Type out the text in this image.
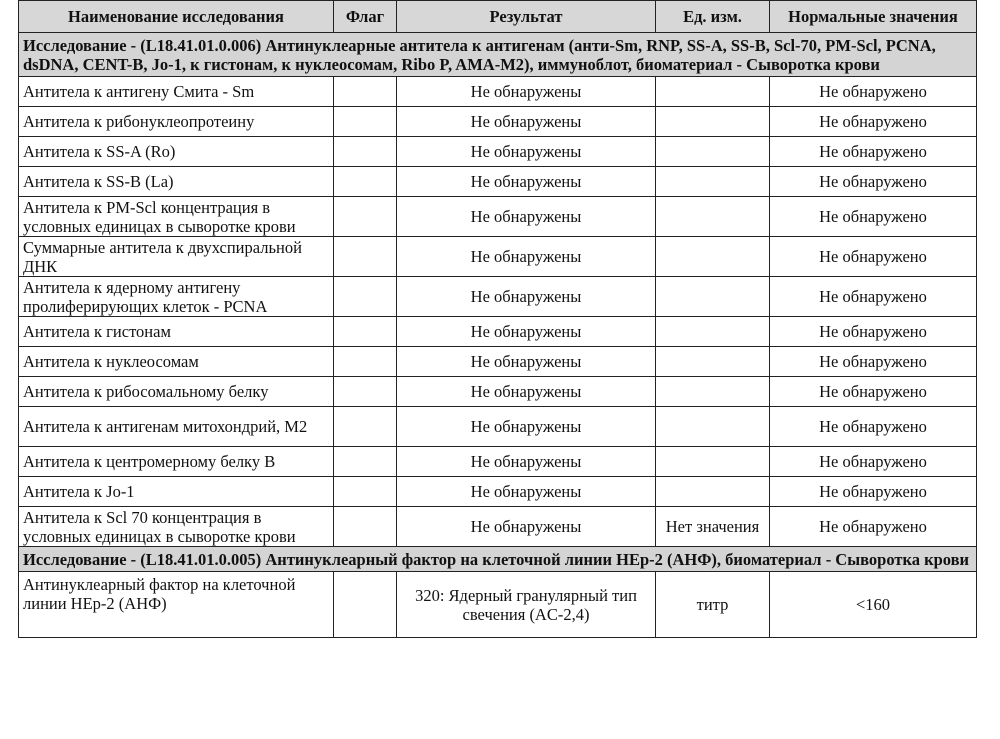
Наименование исследования	Флаг	Результат	Ед. изм.	Нормальные значения
Исследование - (L18.41.01.0.006) Антинуклеарные антитела к антигенам (анти-Sm, RNP, SS-A, SS-B, Scl-70, PM-Scl, PCNA, dsDNA, CENT-B, Jo-1, к гистонам, к нуклеосомам, Ribo P, AMA-M2), иммуноблот, биоматериал - Сыворотка крови				
Антитела к антигену Смита - Sm		Не обнаружены		Не обнаружено
Антитела к рибонуклеопротеину		Не обнаружены		Не обнаружено
Антитела к SS-A (Ro)		Не обнаружены		Не обнаружено
Антитела к SS-B (La)		Не обнаружены		Не обнаружено
Антитела к PM-Scl концентрация в условных единицах в сыворотке крови		Не обнаружены		Не обнаружено
Суммарные антитела к двухспиральной ДНК		Не обнаружены		Не обнаружено
Антитела к ядерному антигену пролиферирующих клеток - PCNA		Не обнаружены		Не обнаружено
Антитела к гистонам		Не обнаружены		Не обнаружено
Антитела к нуклеосомам		Не обнаружены		Не обнаружено
Антитела к рибосомальному белку		Не обнаружены		Не обнаружено
Антитела к антигенам митохондрий, M2		Не обнаружены		Не обнаружено
Антитела к центромерному белку B		Не обнаружены		Не обнаружено
Антитела к Jo-1		Не обнаружены		Не обнаружено
Антитела к Scl 70 концентрация в условных единицах в сыворотке крови		Не обнаружены	Нет значения	Не обнаружено
Исследование - (L18.41.01.0.005) Антинуклеарный фактор на клеточной линии HEp-2 (АНФ), биоматериал - Сыворотка крови				
Антинуклеарный фактор на клеточной линии HEp-2 (АНФ)		320: Ядерный гранулярный тип свечения (AC-2,4)	титр	<160
